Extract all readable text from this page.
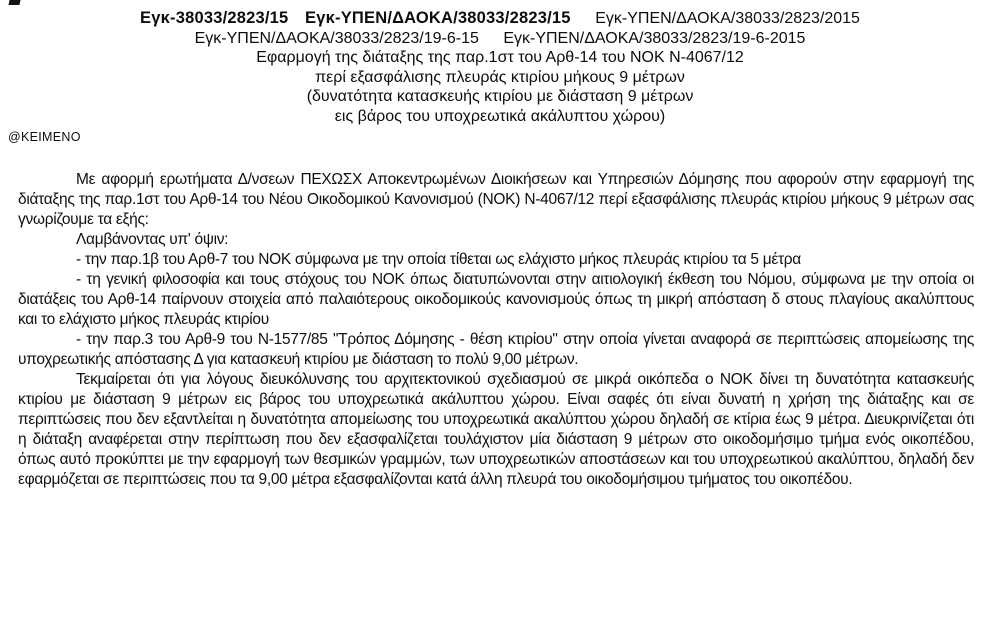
Εγκ-38033/2823/15 Εγκ-ΥΠΕΝ/ΔΑΟΚΑ/38033/2823/15 Εγκ-ΥΠΕΝ/ΔΑΟΚΑ/38033/2823/2015
Εγκ-ΥΠΕΝ/ΔΑΟΚΑ/38033/2823/19-6-15 Εγκ-ΥΠΕΝ/ΔΑΟΚΑ/38033/2823/19-6-2015
Εφαρμογή της διάταξης της παρ.1στ του Αρθ-14 του ΝΟΚ Ν-4067/12
περί εξασφάλισης πλευράς κτιρίου μήκους 9 μέτρων
(δυνατότητα κατασκευής κτιρίου με διάσταση 9 μέτρων
εις βάρος του υποχρεωτικά ακάλυπτου χώρου)
@ΚΕΙΜΕΝΟ

Με αφορμή ερωτήματα Δ/νσεων ΠΕΧΩΣΧ Αποκεντρωμένων Διοικήσεων και Υπηρεσιών Δόμησης που αφορούν στην εφαρμογή της διάταξης της παρ.1στ του Αρθ-14 του Νέου Οικοδομικού Κανονισμού (ΝΟΚ) Ν-4067/12 περί εξασφάλισης πλευράς κτιρίου μήκους 9 μέτρων σας γνωρίζουμε τα εξής:

Λαμβάνοντας υπ' όψιν:

- την παρ.1β του Αρθ-7 του ΝΟΚ σύμφωνα με την οποία τίθεται ως ελάχιστο μήκος πλευράς κτιρίου τα 5 μέτρα

- τη γενική φιλοσοφία και τους στόχους του ΝΟΚ όπως διατυπώνονται στην αιτιολογική έκθεση του Νόμου, σύμφωνα με την οποία οι διατάξεις του Αρθ-14 παίρνουν στοιχεία από παλαιότερους οικοδομικούς κανονισμούς όπως τη μικρή απόσταση δ στους πλαγίους ακαλύπτους και το ελάχιστο μήκος πλευράς κτιρίου

- την παρ.3 του Αρθ-9 του Ν-1577/85 "Τρόπος Δόμησης - θέση κτιρίου" στην οποία γίνεται αναφορά σε περιπτώσεις απομείωσης της υποχρεωτικής απόστασης Δ για κατασκευή κτιρίου με διάσταση το πολύ 9,00 μέτρων.

Τεκμαίρεται ότι για λόγους διευκόλυνσης του αρχιτεκτονικού σχεδιασμού σε μικρά οικόπεδα ο ΝΟΚ δίνει τη δυνατότητα κατασκευής κτιρίου με διάσταση 9 μέτρων εις βάρος του υποχρεωτικά ακάλυπτου χώρου. Είναι σαφές ότι είναι δυνατή η χρήση της διάταξης και σε περιπτώσεις που δεν εξαντλείται η δυνατότητα απομείωσης του υποχρεωτικά ακαλύπτου χώρου δηλαδή σε κτίρια έως 9 μέτρα. Διευκρινίζεται ότι η διάταξη αναφέρεται στην περίπτωση που δεν εξασφαλίζεται τουλάχιστον μία διάσταση 9 μέτρων στο οικοδομήσιμο τμήμα ενός οικοπέδου, όπως αυτό προκύπτει με την εφαρμογή των θεσμικών γραμμών, των υποχρεωτικών αποστάσεων και του υποχρεωτικού ακαλύπτου, δηλαδή δεν εφαρμόζεται σε περιπτώσεις που τα 9,00 μέτρα εξασφαλίζονται κατά άλλη πλευρά του οικοδομήσιμου τμήματος του οικοπέδου.
